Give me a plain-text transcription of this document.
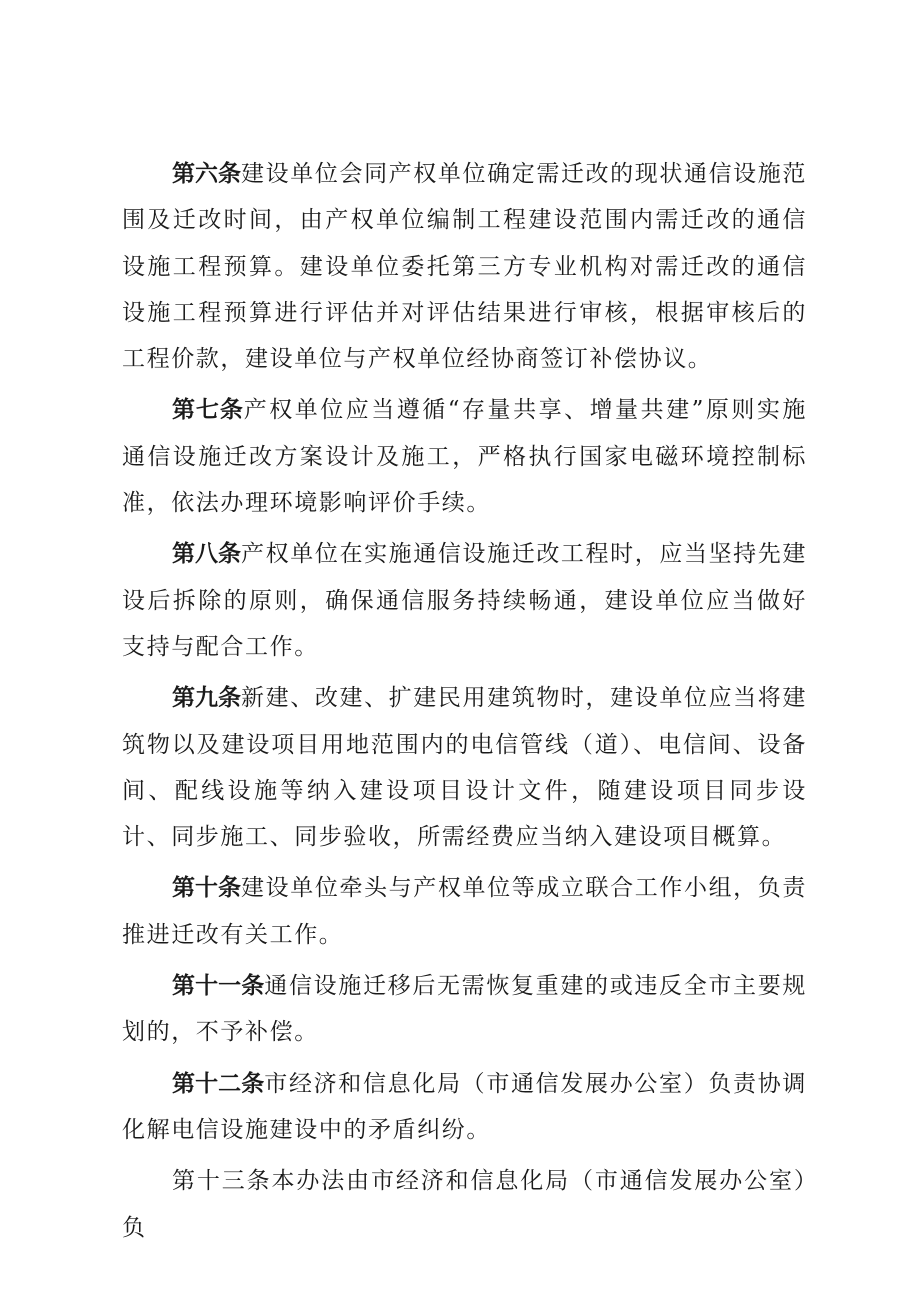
第六条建设单位会同产权单位确定需迁改的现状通信设施范围及迁改时间，由产权单位编制工程建设范围内需迁改的通信设施工程预算。建设单位委托第三方专业机构对需迁改的通信设施工程预算进行评估并对评估结果进行审核，根据审核后的工程价款，建设单位与产权单位经协商签订补偿协议。

第七条产权单位应当遵循“存量共享、增量共建”原则实施通信设施迁改方案设计及施工，严格执行国家电磁环境控制标准，依法办理环境影响评价手续。

第八条产权单位在实施通信设施迁改工程时，应当坚持先建设后拆除的原则，确保通信服务持续畅通，建设单位应当做好支持与配合工作。

第九条新建、改建、扩建民用建筑物时，建设单位应当将建筑物以及建设项目用地范围内的电信管线（道）、电信间、设备间、配线设施等纳入建设项目设计文件，随建设项目同步设计、同步施工、同步验收，所需经费应当纳入建设项目概算。

第十条建设单位牵头与产权单位等成立联合工作小组，负责推进迁改有关工作。

第十一条通信设施迁移后无需恢复重建的或违反全市主要规划的，不予补偿。

第十二条市经济和信息化局（市通信发展办公室）负责协调化解电信设施建设中的矛盾纠纷。

第十三条本办法由市经济和信息化局（市通信发展办公室）负
